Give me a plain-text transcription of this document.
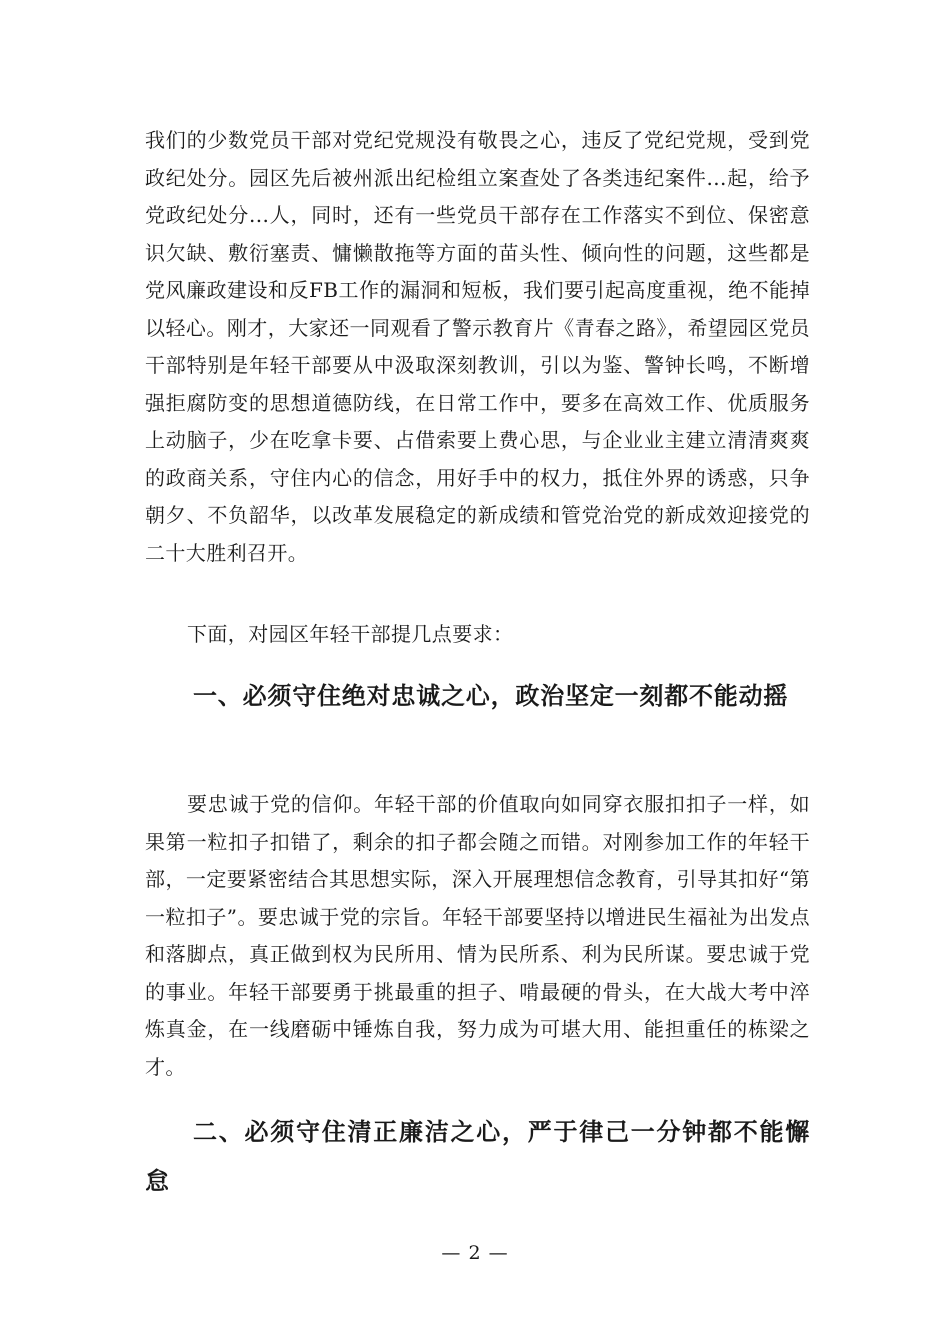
我们的少数党员干部对党纪党规没有敬畏之心，违反了党纪党规，受到党政纪处分。园区先后被州派出纪检组立案查处了各类违纪案件...起，给予党政纪处分...人，同时，还有一些党员干部存在工作落实不到位、保密意识欠缺、敷衍塞责、慵懒散拖等方面的苗头性、倾向性的问题，这些都是党风廉政建设和反FB工作的漏洞和短板，我们要引起高度重视，绝不能掉以轻心。刚才，大家还一同观看了警示教育片《青春之路》，希望园区党员干部特别是年轻干部要从中汲取深刻教训，引以为鉴、警钟长鸣，不断增强拒腐防变的思想道德防线，在日常工作中，要多在高效工作、优质服务上动脑子，少在吃拿卡要、占借索要上费心思，与企业业主建立清清爽爽的政商关系，守住内心的信念，用好手中的权力，抵住外界的诱惑，只争朝夕、不负韶华，以改革发展稳定的新成绩和管党治党的新成效迎接党的二十大胜利召开。

下面，对园区年轻干部提几点要求：

一、必须守住绝对忠诚之心，政治坚定一刻都不能动摇

要忠诚于党的信仰。年轻干部的价值取向如同穿衣服扣扣子一样，如果第一粒扣子扣错了，剩余的扣子都会随之而错。对刚参加工作的年轻干部，一定要紧密结合其思想实际，深入开展理想信念教育，引导其扣好“第一粒扣子”。要忠诚于党的宗旨。年轻干部要坚持以增进民生福祉为出发点和落脚点，真正做到权为民所用、情为民所系、利为民所谋。要忠诚于党的事业。年轻干部要勇于挑最重的担子、啃最硬的骨头，在大战大考中淬炼真金，在一线磨砺中锤炼自我，努力成为可堪大用、能担重任的栋梁之才。

二、必须守住清正廉洁之心，严于律己一分钟都不能懈怠
— 2 —
